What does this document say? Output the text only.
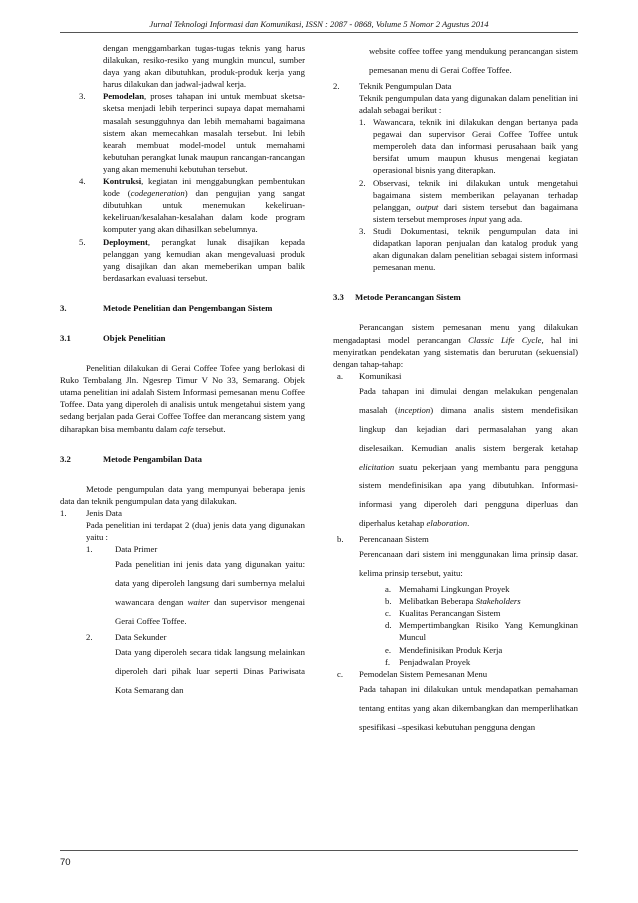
Jurnal Teknologi Informasi dan Komunikasi, ISSN : 2087 - 0868, Volume 5 Nomor 2 Agustus 2014

dengan menggambarkan tugas-tugas teknis yang harus dilakukan, resiko-resiko yang mungkin muncul, sumber daya yang akan dibutuhkan, produk-produk kerja yang harus dilakukan dan jadwal-jadwal kerja.

3. Pemodelan, proses tahapan ini untuk membuat sketsa-sketsa menjadi lebih terperinci supaya dapat memahami masalah sesungguhnya dan lebih memahami bagaimana sistem akan memecahkan masalah tersebut. Ini lebih kearah membuat model-model untuk memahami kebutuhan perangkat lunak maupun rancangan-rancangan yang akan memenuhi kebutuhan tersebut.
4. Kontruksi, kegiatan ini menggabungkan pembentukan kode (codegeneration) dan pengujian yang sangat dibutuhkan untuk menemukan kekeliruan-kekeliruan/kesalahan-kesalahan dalam kode program komputer yang akan dihasilkan sebelumnya.
5. Deployment, perangkat lunak disajikan kepada pelanggan yang kemudian akan mengevaluasi produk yang disajikan dan akan memeberikan umpan balik berdasarkan evaluasi tersebut.
3.	Metode Penelitian dan Pengembangan Sistem
3.1	Objek Penelitian

Penelitian dilakukan di Gerai Coffee Tofee yang berlokasi di Ruko Tembalang Jln. Ngesrep Timur V No 33, Semarang. Objek utama penelitian ini adalah Sistem Informasi pemesanan menu Coffee Toffee. Data yang diperoleh di analisis untuk mengetahui sistem yang sedang berjalan pada Gerai Coffee Toffee dan merancang sistem yang diharapkan bisa membantu dalam cafe tersebut.

3.2	Metode Pengambilan Data

Metode pengumpulan data yang mempunyai beberapa jenis data dan teknik pengumpulan data yang dilakukan.

1. Jenis Data
Pada penelitian ini terdapat 2 (dua) jenis data yang digunakan yaitu :
1.	Data Primer
Pada penelitian ini jenis data yang digunakan yaitu: data yang diperoleh langsung dari sumbernya melalui wawancara dengan waiter dan supervisor mengenai Gerai Coffee Toffee.
2.	Data Sekunder
Data yang diperoleh secara tidak langsung melainkan diperoleh dari pihak luar seperti Dinas Pariwisata Kota Semarang dan

website coffee toffee yang mendukung perancangan sistem pemesanan menu di Gerai Coffee Toffee.

2. Teknik Pengumpulan Data
Teknik pengumpulan data yang digunakan dalam penelitian ini adalah sebagai berikut :
1. Wawancara, teknik ini dilakukan dengan bertanya pada pegawai dan supervisor Gerai Coffee Toffee untuk memperoleh data dan informasi perusahaan baik yang bersifat umum maupun khusus mengenai kegiatan operasional bisnis yang diterapkan.
2. Observasi, teknik ini dilakukan untuk mengetahui bagaimana sistem memberikan pelayanan terhadap pelanggan, output dari sistem tersebut dan bagaimana sistem tersebut memproses input yang ada.
3. Studi Dokumentasi, teknik pengumpulan data ini didapatkan laporan penjualan dan katalog produk yang akan digunakan dalam penelitian sebagai sistem informasi pemesanan menu.
3.3	Metode Perancangan Sistem

Perancangan sistem pemesanan menu yang dilakukan mengadaptasi model perancangan Classic Life Cycle, hal ini menyiratkan pendekatan yang sistematis dan berurutan (sekuensial) dengan tahap-tahap:

a. Komunikasi
Pada tahapan ini dimulai dengan melakukan pengenalan masalah (inception) dimana analis sistem mendefisikan lingkup dan kejadian dari permasalahan yang akan diselesaikan. Kemudian analis sistem bergerak ketahap elicitation suatu pekerjaan yang membantu para pengguna sistem mendefinisikan apa yang dibutuhkan. Informasi-informasi yang diperoleh dari pengguna diperluas dan diperhalus ketahap elaboration.
b. Perencanaan Sistem
Perencanaan dari sistem ini menggunakan lima prinsip dasar. kelima prinsip tersebut, yaitu:
a. Memahami Lingkungan Proyek
b. Melibatkan Beberapa Stakeholders
c. Kualitas Perancangan Sistem
d. Mempertimbangkan Risiko Yang Kemungkinan Muncul
e. Mendefinisikan Produk Kerja
f. Penjadwalan Proyek
c. Pemodelan Sistem Pemesanan Menu
Pada tahapan ini dilakukan untuk mendapatkan pemahaman tentang entitas yang akan dikembangkan dan memperlihatkan spesifikasi –spesikasi kebutuhan pengguna dengan
70
